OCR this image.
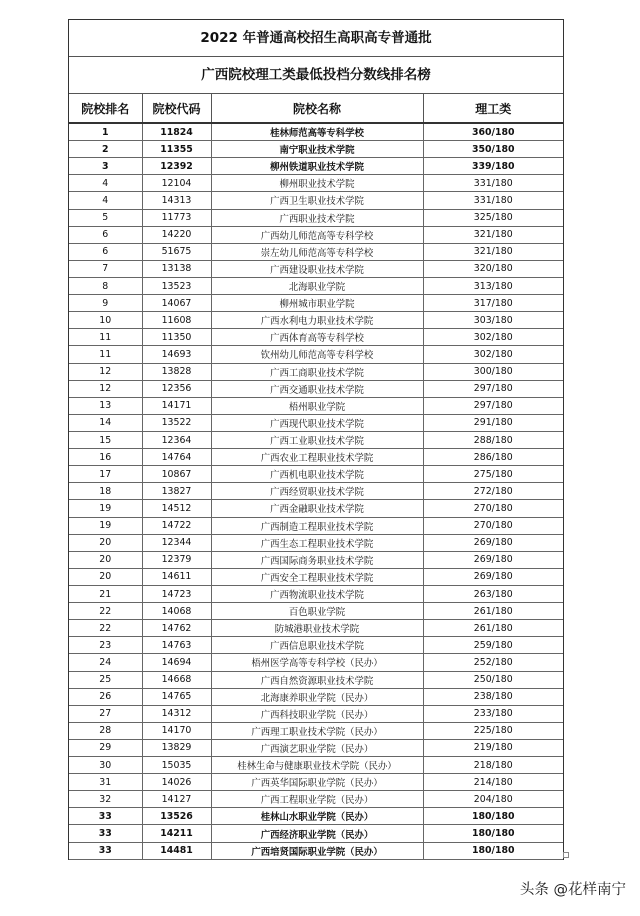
2022 年普通高校招生高职高专普通批
广西院校理工类最低投档分数线排名榜
院校排名	院校代码	院校名称	理工类
1	11824	桂林师范高等专科学校	360/180
2	11355	南宁职业技术学院	350/180
3	12392	柳州铁道职业技术学院	339/180
4	12104	柳州职业技术学院	331/180
4	14313	广西卫生职业技术学院	331/180
5	11773	广西职业技术学院	325/180
6	14220	广西幼儿师范高等专科学校	321/180
6	51675	崇左幼儿师范高等专科学校	321/180
7	13138	广西建设职业技术学院	320/180
8	13523	北海职业学院	313/180
9	14067	柳州城市职业学院	317/180
10	11608	广西水利电力职业技术学院	303/180
11	11350	广西体育高等专科学校	302/180
11	14693	钦州幼儿师范高等专科学校	302/180
12	13828	广西工商职业技术学院	300/180
12	12356	广西交通职业技术学院	297/180
13	14171	梧州职业学院	297/180
14	13522	广西现代职业技术学院	291/180
15	12364	广西工业职业技术学院	288/180
16	14764	广西农业工程职业技术学院	286/180
17	10867	广西机电职业技术学院	275/180
18	13827	广西经贸职业技术学院	272/180
19	14512	广西金融职业技术学院	270/180
19	14722	广西制造工程职业技术学院	270/180
20	12344	广西生态工程职业技术学院	269/180
20	12379	广西国际商务职业技术学院	269/180
20	14611	广西安全工程职业技术学院	269/180
21	14723	广西物流职业技术学院	263/180
22	14068	百色职业学院	261/180
22	14762	防城港职业技术学院	261/180
23	14763	广西信息职业技术学院	259/180
24	14694	梧州医学高等专科学校（民办）	252/180
25	14668	广西自然资源职业技术学院	250/180
26	14765	北海康养职业学院（民办）	238/180
27	14312	广西科技职业学院（民办）	233/180
28	14170	广西理工职业技术学院（民办）	225/180
29	13829	广西演艺职业学院（民办）	219/180
30	15035	桂林生命与健康职业技术学院（民办）	218/180
31	14026	广西英华国际职业学院（民办）	214/180
32	14127	广西工程职业学院（民办）	204/180
33	13526	桂林山水职业学院（民办）	180/180
33	14211	广西经济职业学院（民办）	180/180
33	14481	广西培贤国际职业学院（民办）	180/180
头条 @花样南宁
